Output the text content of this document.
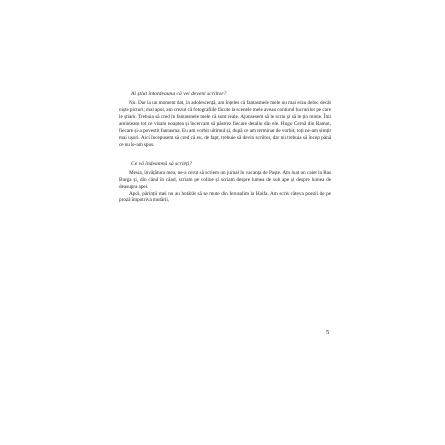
Ai știut întotdeauna că vei deveni scriitor?

Nu. Dar la un moment dat, în adolescență, am înțeles că fantasmele mele nu mai erau deloc decât niște picturi; mai apoi, am crezut că fotografiile făcute la scenele mele aveau conturul lucrurilor pe care le știam. Trebuia să cred în fantasmele mele că sunt reale. Ajunsesem să le scriu și să le țin minte. Îmi aminteam tot ce visam noaptea și încercam să păstrez fiecare detaliu din ele. Hugo Cernă din Ramot, fiecare și-a povestit fantasma. Eu am vorbit ultimul și, după ce am terminat de vorbit, toți ne-am simțit mai ușori. Aici începusem să cred că eu, de fapt, trebuie să devin scriitor, dar nu trebuia să încep până ce nu le-am spus.

Ce vă îndeamnă să scrieți?

Mesia, învățătura mea, ne-a cerut să scriem un jurnal în vacanța de Paște. Am luat un caiet la Ras Burga și, din când în când, scriam pe coline și scriam despre lumea de sub ape și despre lumea de deasupra apei.

Apoi, părinții mei nu au hotărât să se mute din Ierusalim la Haifa. Am scris câteva poezii de pe proză împotriva mutării,

5
